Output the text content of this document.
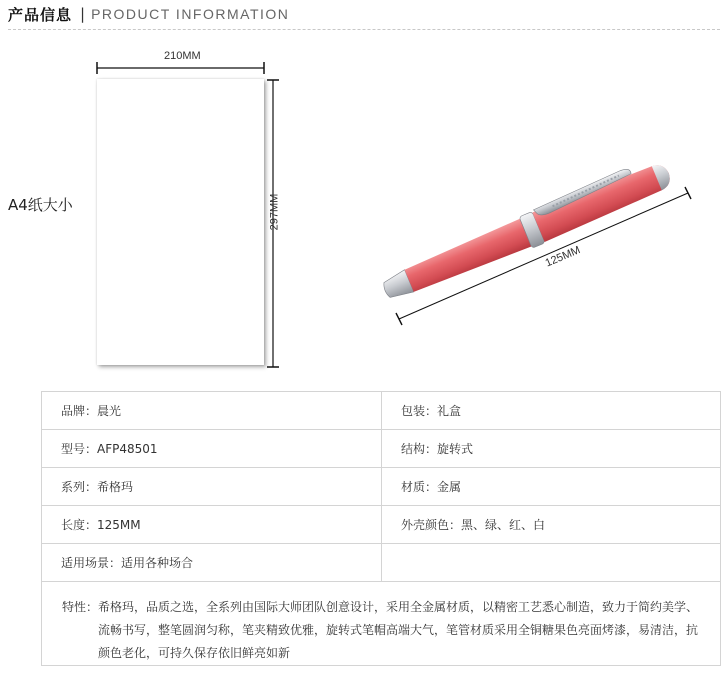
产品信息 | PRODUCT INFORMATION
A4纸大小
210MM
297MM
125MM
品牌：晨光	包装：礼盒
型号：AFP48501	结构：旋转式
系列：希格玛	材质：金属
长度：125MM	外壳颜色：黑、绿、红、白
适用场景：适用各种场合	

特性： 希格玛，品质之选，全系列由国际大师团队创意设计，采用全金属材质，以精密工艺悉心制造，致力于简约美学、流畅书写，整笔圆润匀称，笔夹精致优雅，旋转式笔帽高端大气，笔管材质采用全铜糖果色亮面烤漆，易清洁，抗颜色老化，可持久保存依旧鲜亮如新	
